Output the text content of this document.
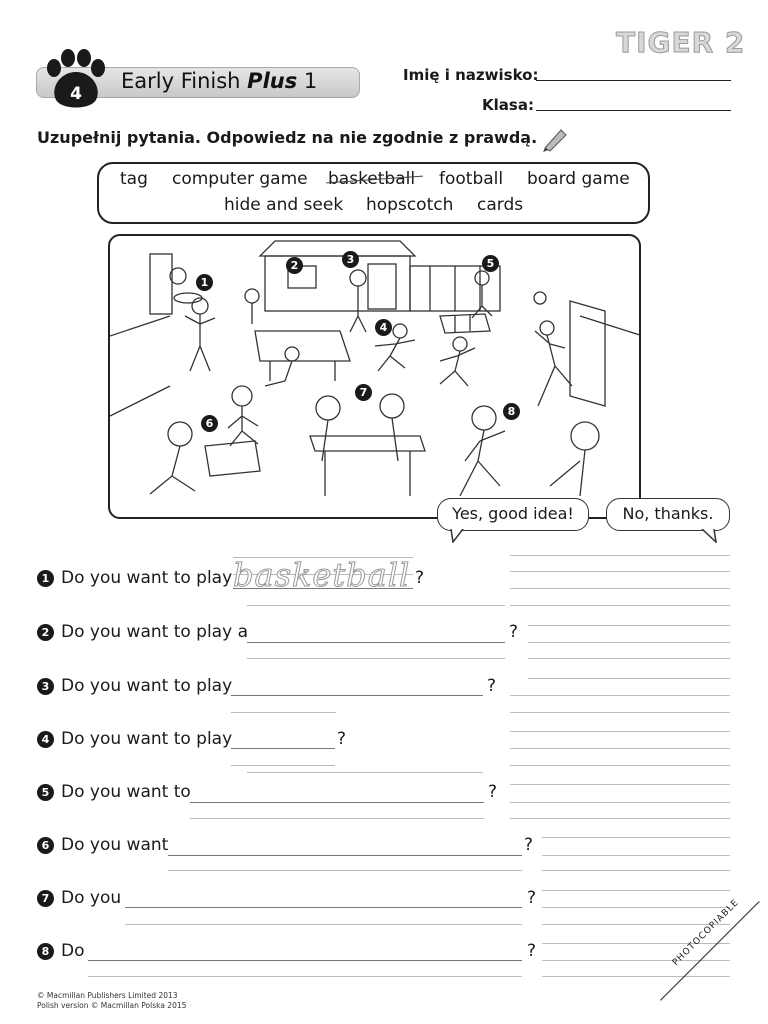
TIGER 2
4
Early Finish Plus 1	Imię i nazwisko:
Klasa:
Uzupełnij pytania. Odpowiedz na nie zgodnie z prawdą.
tag computer game basketball football board game
hide and seek hopscotch cards
1
2	3
4
5
6
7
8
Yes, good idea!	No, thanks.
1 Do you want to play basketball ?
2 Do you want to play a	?
3 Do you want to play	?
4 Do you want to play	?
5 Do you want to	?
6 Do you want	?
7 Do you	?
8 Do	?
© Macmillan Publishers Limited 2013
Polish version © Macmillan Polska 2015
PHOTOCOPIABLE
